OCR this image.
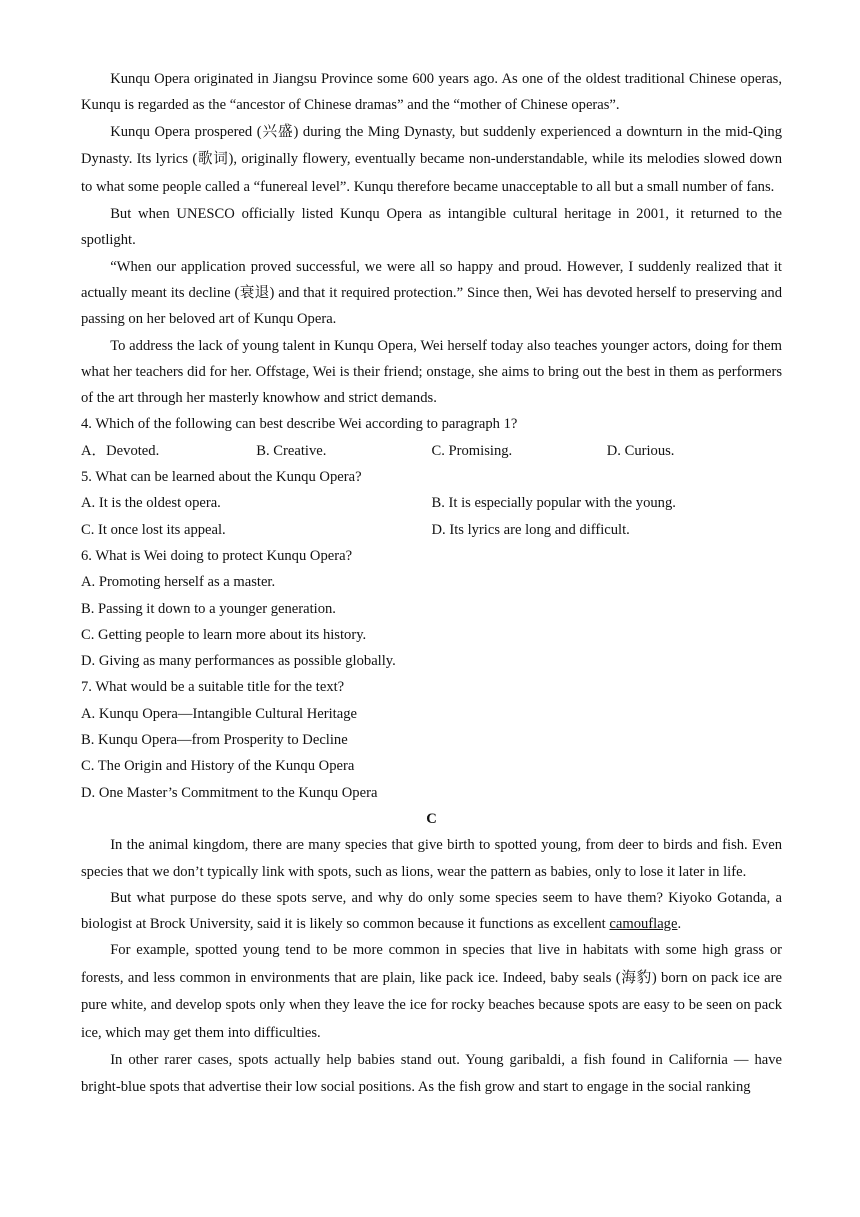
Kunqu Opera originated in Jiangsu Province some 600 years ago. As one of the oldest traditional Chinese operas, Kunqu is regarded as the “ancestor of Chinese dramas” and the “mother of Chinese operas”.

Kunqu Opera prospered (兴盛) during the Ming Dynasty, but suddenly experienced a downturn in the mid-Qing Dynasty. Its lyrics (歌词), originally flowery, eventually became non-understandable, while its melodies slowed down to what some people called a “funereal level”. Kunqu therefore became unacceptable to all but a small number of fans.

But when UNESCO officially listed Kunqu Opera as intangible cultural heritage in 2001, it returned to the spotlight.

“When our application proved successful, we were all so happy and proud. However, I suddenly realized that it actually meant its decline (衰退) and that it required protection.” Since then, Wei has devoted herself to preserving and passing on her beloved art of Kunqu Opera.

To address the lack of young talent in Kunqu Opera, Wei herself today also teaches younger actors, doing for them what her teachers did for her. Offstage, Wei is their friend; onstage, she aims to bring out the best in them as performers of the art through her masterly knowhow and strict demands.

4. Which of the following can best describe Wei according to paragraph 1?
A．Devoted.	B. Creative.	C. Promising.	D. Curious.
5. What can be learned about the Kunqu Opera?
A. It is the oldest opera.	B. It is especially popular with the young.
C. It once lost its appeal.	D. Its lyrics are long and difficult.
6. What is Wei doing to protect Kunqu Opera?
A. Promoting herself as a master.
B. Passing it down to a younger generation.
C. Getting people to learn more about its history.
D. Giving as many performances as possible globally.
7. What would be a suitable title for the text?
A. Kunqu Opera—Intangible Cultural Heritage
B. Kunqu Opera—from Prosperity to Decline
C. The Origin and History of the Kunqu Opera
D. One Master’s Commitment to the Kunqu Opera
C

In the animal kingdom, there are many species that give birth to spotted young, from deer to birds and fish. Even species that we don’t typically link with spots, such as lions, wear the pattern as babies, only to lose it later in life.

But what purpose do these spots serve, and why do only some species seem to have them? Kiyoko Gotanda, a biologist at Brock University, said it is likely so common because it functions as excellent camouflage.

For example, spotted young tend to be more common in species that live in habitats with some high grass or forests, and less common in environments that are plain, like pack ice. Indeed, baby seals (海豹) born on pack ice are pure white, and develop spots only when they leave the ice for rocky beaches because spots are easy to be seen on pack ice, which may get them into difficulties.

In other rarer cases, spots actually help babies stand out. Young garibaldi, a fish found in California — have bright-blue spots that advertise their low social positions. As the fish grow and start to engage in the social ranking
